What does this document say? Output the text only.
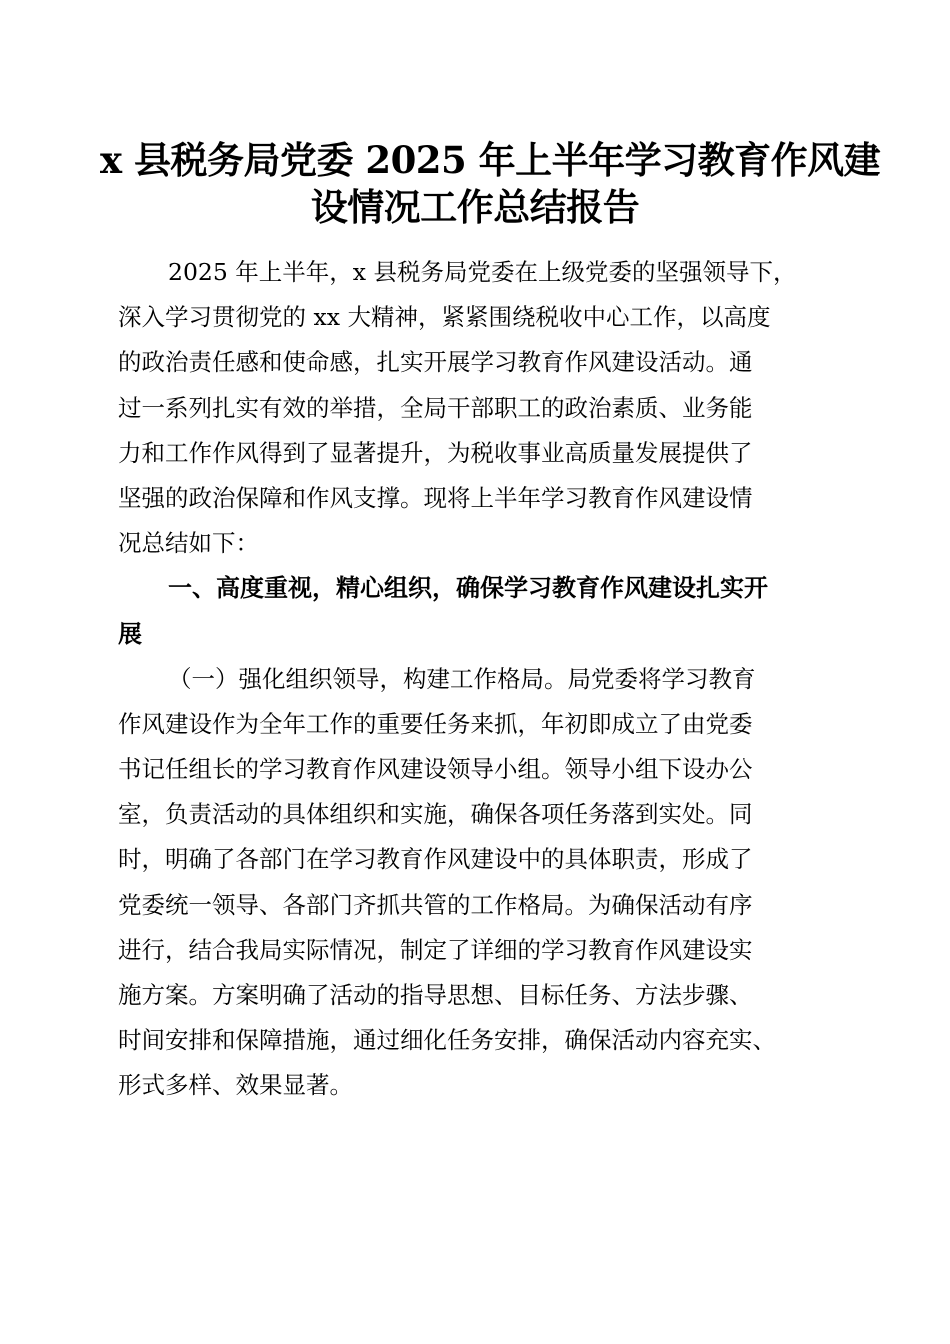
x 县税务局党委 2025 年上半年学习教育作风建
设情况工作总结报告
2025 年上半年，x 县税务局党委在上级党委的坚强领导下，
深入学习贯彻党的 xx 大精神，紧紧围绕税收中心工作，以高度
的政治责任感和使命感，扎实开展学习教育作风建设活动。通
过一系列扎实有效的举措，全局干部职工的政治素质、业务能
力和工作作风得到了显著提升，为税收事业高质量发展提供了
坚强的政治保障和作风支撑。现将上半年学习教育作风建设情
况总结如下：
一、高度重视，精心组织，确保学习教育作风建设扎实开
展
（一）强化组织领导，构建工作格局。局党委将学习教育
作风建设作为全年工作的重要任务来抓，年初即成立了由党委
书记任组长的学习教育作风建设领导小组。领导小组下设办公
室，负责活动的具体组织和实施，确保各项任务落到实处。同
时，明确了各部门在学习教育作风建设中的具体职责，形成了
党委统一领导、各部门齐抓共管的工作格局。为确保活动有序
进行，结合我局实际情况，制定了详细的学习教育作风建设实
施方案。方案明确了活动的指导思想、目标任务、方法步骤、
时间安排和保障措施，通过细化任务安排，确保活动内容充实、
形式多样、效果显著。
